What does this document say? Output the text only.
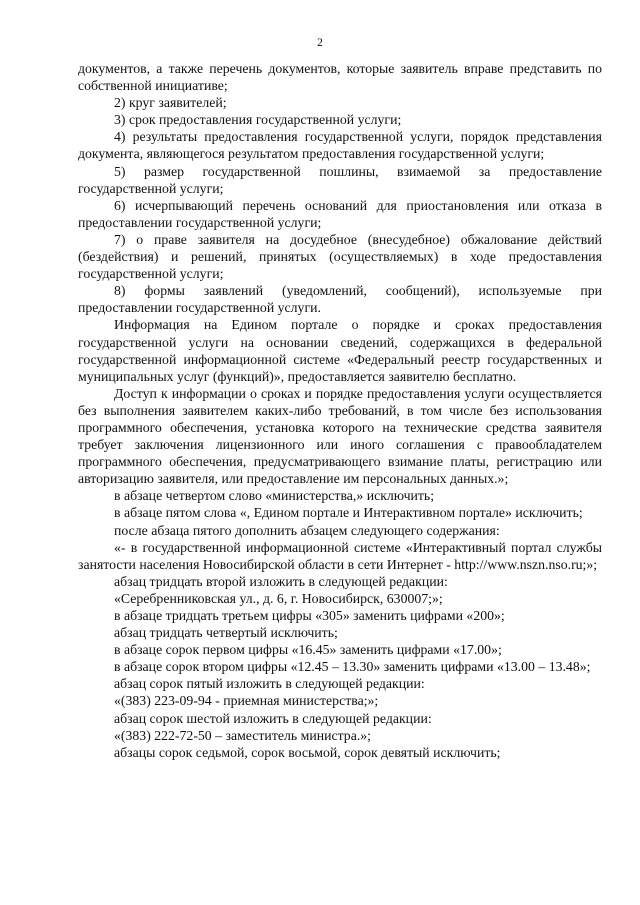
2

документов, а также перечень документов, которые заявитель вправе представить по собственной инициативе;

2) круг заявителей;

3) срок предоставления государственной услуги;

4) результаты предоставления государственной услуги, порядок представления документа, являющегося результатом предоставления государственной услуги;

5) размер государственной пошлины, взимаемой за предоставление государственной услуги;

6) исчерпывающий перечень оснований для приостановления или отказа в предоставлении государственной услуги;

7) о праве заявителя на досудебное (внесудебное) обжалование действий (бездействия) и решений, принятых (осуществляемых) в ходе предоставления государственной услуги;

8) формы заявлений (уведомлений, сообщений), используемые при предоставлении государственной услуги.

Информация на Едином портале о порядке и сроках предоставления государственной услуги на основании сведений, содержащихся в федеральной государственной информационной системе «Федеральный реестр государственных и муниципальных услуг (функций)», предоставляется заявителю бесплатно.

Доступ к информации о сроках и порядке предоставления услуги осуществляется без выполнения заявителем каких-либо требований, в том числе без использования программного обеспечения, установка которого на технические средства заявителя требует заключения лицензионного или иного соглашения с правообладателем программного обеспечения, предусматривающего взимание платы, регистрацию или авторизацию заявителя, или предоставление им персональных данных.»;

в абзаце четвертом слово «министерства,» исключить;

в абзаце пятом слова «, Едином портале и Интерактивном портале» исключить;

после абзаца пятого дополнить абзацем следующего содержания:

«- в государственной информационной системе «Интерактивный портал службы занятости населения Новосибирской области в сети Интернет - http://www.nszn.nso.ru;»;

абзац тридцать второй изложить в следующей редакции:

«Серебренниковская ул., д. 6, г. Новосибирск, 630007;»;

в абзаце тридцать третьем цифры «305» заменить цифрами «200»;

абзац тридцать четвертый исключить;

в абзаце сорок первом цифры «16.45» заменить цифрами «17.00»;

в абзаце сорок втором цифры «12.45 – 13.30» заменить цифрами «13.00 – 13.48»;

абзац сорок пятый изложить в следующей редакции:

«(383) 223-09-94 - приемная министерства;»;

абзац сорок шестой изложить в следующей редакции:

«(383) 222-72-50 – заместитель министра.»;

абзацы сорок седьмой, сорок восьмой, сорок девятый исключить;
